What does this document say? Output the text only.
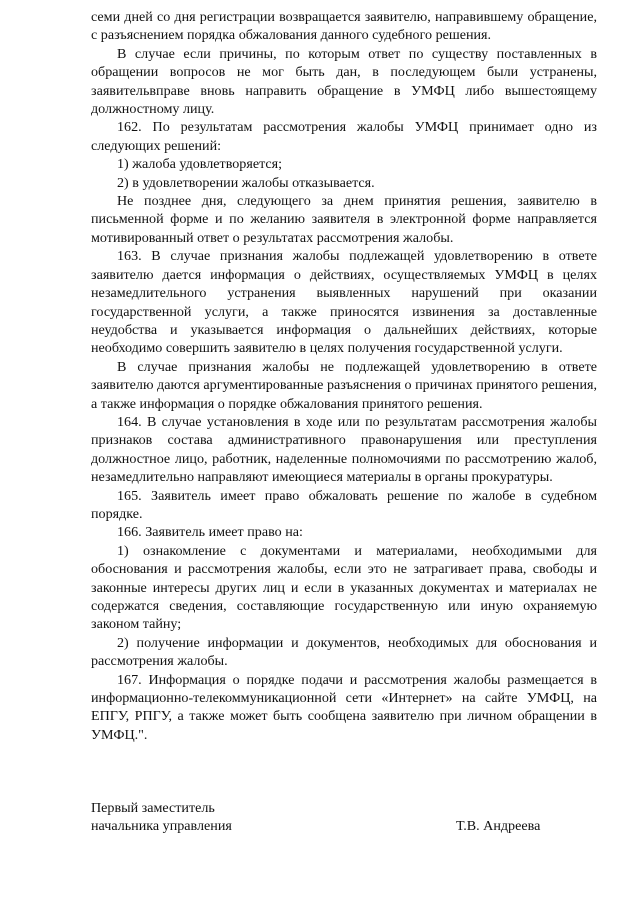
семи дней со дня регистрации возвращается заявителю, направившему обращение, с разъяснением порядка обжалования данного судебного решения.

В случае если причины, по которым ответ по существу поставленных в обращении вопросов не мог быть дан, в последующем были устранены, заявительвправе вновь направить обращение в УМФЦ либо вышестоящему должностному лицу.

162. По результатам рассмотрения жалобы УМФЦ принимает одно из следующих решений:

1) жалоба удовлетворяется;

2) в удовлетворении жалобы отказывается.

Не позднее дня, следующего за днем принятия решения, заявителю в письменной форме и по желанию заявителя в электронной форме направляется мотивированный ответ о результатах рассмотрения жалобы.

163. В случае признания жалобы подлежащей удовлетворению в ответе заявителю дается информация о действиях, осуществляемых УМФЦ в целях незамедлительного устранения выявленных нарушений при оказании государственной услуги, а также приносятся извинения за доставленные неудобства и указывается информация о дальнейших действиях, которые необходимо совершить заявителю в целях получения государственной услуги.

В случае признания жалобы не подлежащей удовлетворению в ответе заявителю даются аргументированные разъяснения о причинах принятого решения, а также информация о порядке обжалования принятого решения.

164. В случае установления в ходе или по результатам рассмотрения жалобы признаков состава административного правонарушения или преступления должностное лицо, работник, наделенные полномочиями по рассмотрению жалоб, незамедлительно направляют имеющиеся материалы в органы прокуратуры.

165. Заявитель имеет право обжаловать решение по жалобе в судебном порядке.

166. Заявитель имеет право на:

1) ознакомление с документами и материалами, необходимыми для обоснования и рассмотрения жалобы, если это не затрагивает права, свободы и законные интересы других лиц и если в указанных документах и материалах не содержатся сведения, составляющие государственную или иную охраняемую законом тайну;

2) получение информации и документов, необходимых для обоснования и рассмотрения жалобы.

167. Информация о порядке подачи и рассмотрения жалобы размещается в информационно-телекоммуникационной сети «Интернет» на сайте УМФЦ, на ЕПГУ, РПГУ, а также может быть сообщена заявителю при личном обращении в УМФЦ.".

Первый заместитель
начальника управления	Т.В. Андреева
